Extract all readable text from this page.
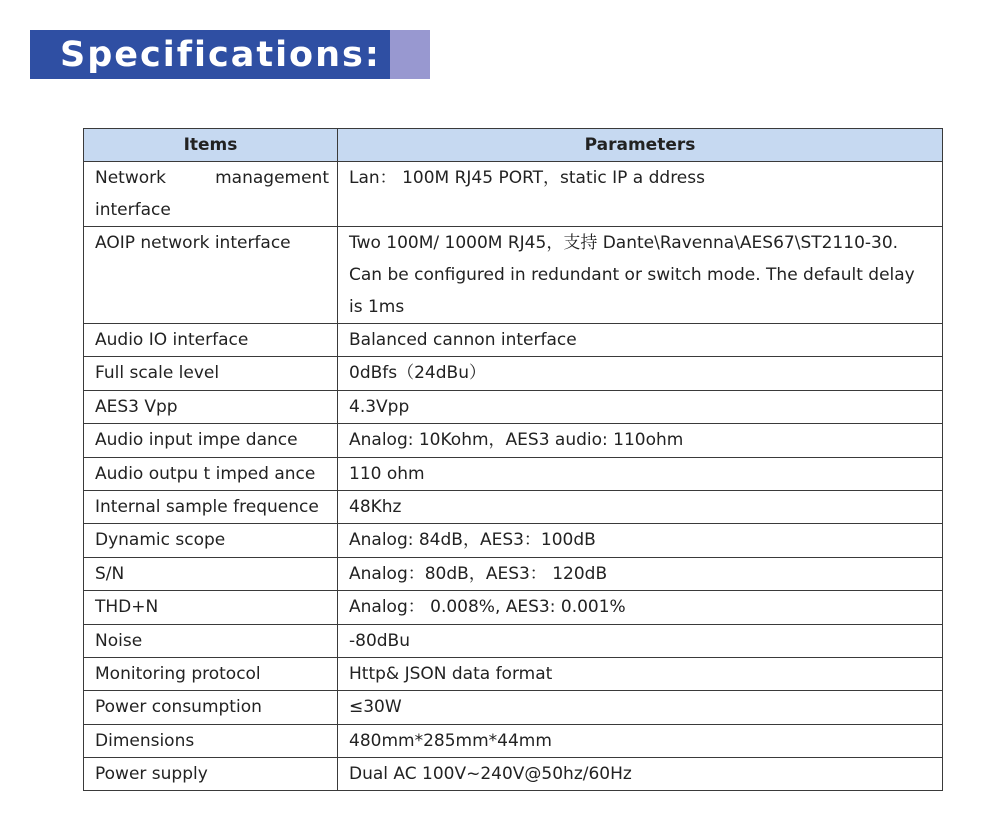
Specifications:
Items	Parameters

Network management
interface	Lan： 100M RJ45 PORT，static IP a ddress

AOIP network interface	Two 100M/ 1000M RJ45，支持 Dante\Ravenna\AES67\ST2110-30.
Can be configured in redundant or switch mode. The default delay
is 1ms

Audio IO interface	Balanced cannon interface

Full scale level	0dBfs（24dBu）

AES3 Vpp	4.3Vpp

Audio input impe dance	Analog: 10Kohm，AES3 audio: 110ohm

Audio outpu t imped ance	110 ohm

Internal sample frequence	48Khz

Dynamic scope	Analog: 84dB，AES3：100dB

S/N	Analog：80dB，AES3： 120dB

THD+N	Analog： 0.008%, AES3: 0.001%

Noise	-80dBu

Monitoring protocol	Http& JSON data format

Power consumption	≤30W

Dimensions	480mm*285mm*44mm

Power supply	Dual AC 100V~240V@50hz/60Hz
